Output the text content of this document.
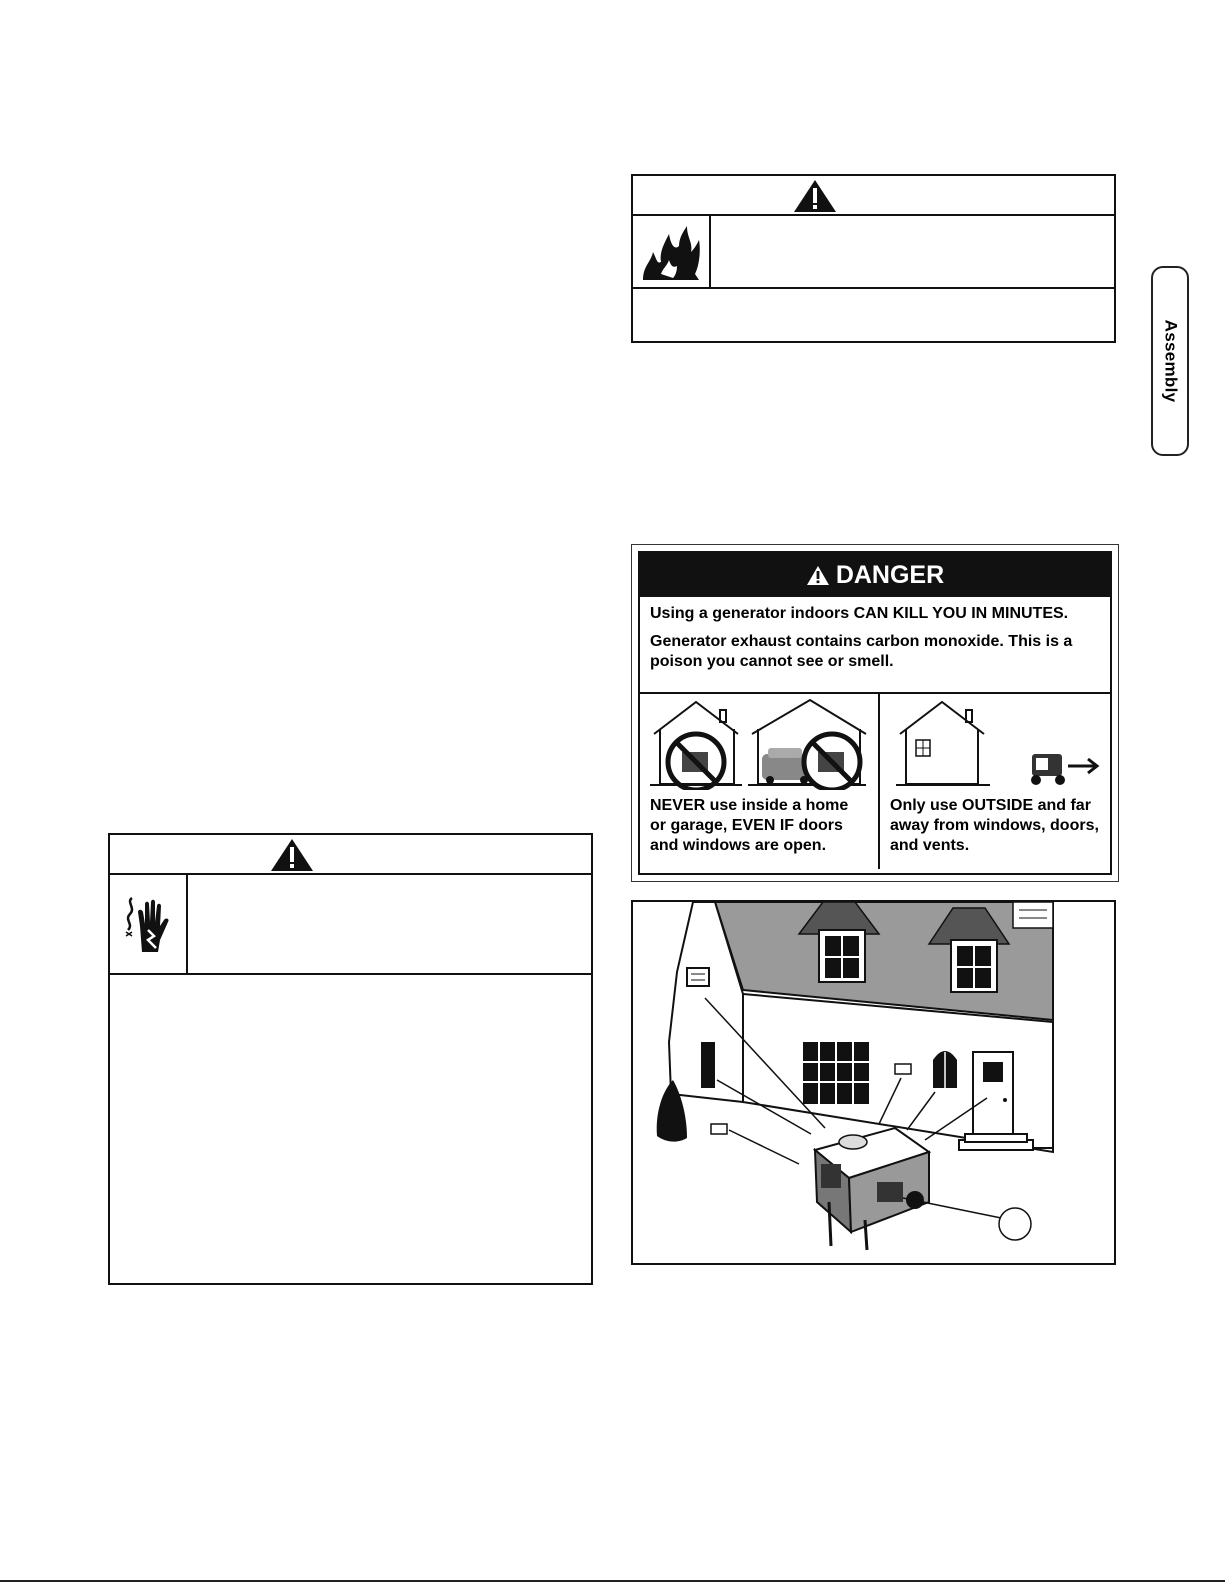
Assembly
DANGER

Using a generator indoors CAN KILL YOU IN MINUTES.

Generator exhaust contains carbon monoxide. This is a poison you cannot see or smell.

NEVER use inside a home or garage, EVEN IF doors and windows are open.

Only use OUTSIDE and far away from windows, doors, and vents.
